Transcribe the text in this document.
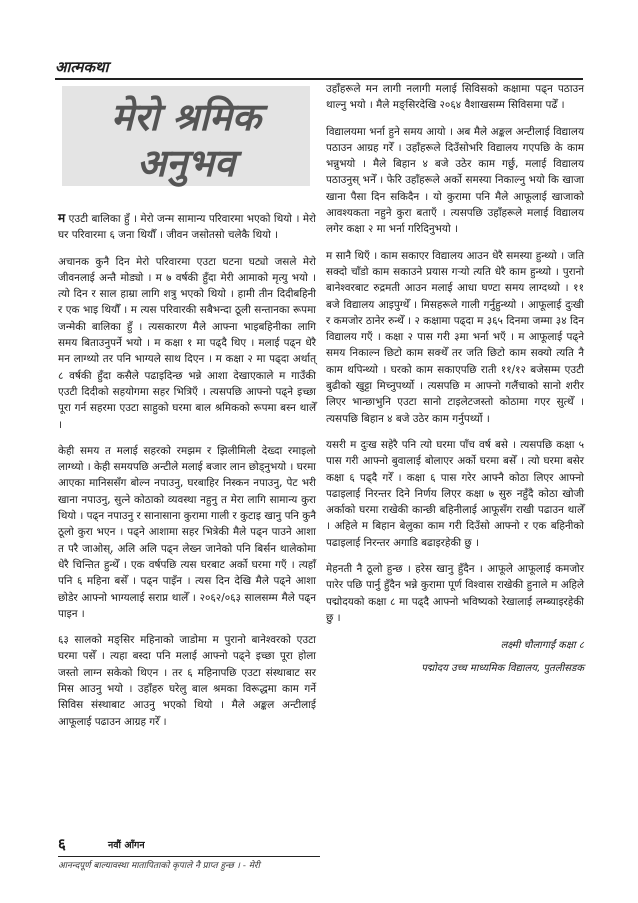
आत्मकथा
मेरो श्रमिक
अनुभव

म एउटी बालिका हुँ । मेरो जन्म सामान्य परिवारमा भएको थियो । मेरो घर परिवारमा ६ जना थियौँ । जीवन जसोतसो चलेकै थियो ।

अचानक कुनै दिन मेरो परिवारमा एउटा घटना घट्यो जसले मेरो जीवनलाई अन्तै मोड्यो । म ७ वर्षकी हुँदा मेरी आमाको मृत्यु भयो । त्यो दिन र साल हाम्रा लागि शत्रु भएको थियो । हामी तीन दिदीबहिनी र एक भाइ थियौँ । म त्यस परिवारकी सबैभन्दा ठूली सन्तानका रूपमा जन्मेकी बालिका हुँ । त्यसकारण मैले आफ्ना भाइबहिनीका लागि समय बिताउनुपर्ने भयो । म कक्षा १ मा पढ्दै थिए । मलाई पढ्न धेरै मन लाग्थ्यो तर पनि भाग्यले साथ दिएन । म कक्षा २ मा पढ्दा अर्थात् ८ वर्षकी हुँदा कसैले पढाइदिन्छ भन्ने आशा देखाएकाले म गाउँकी एउटी दिदीको सहयोगमा सहर भित्रिएँ । त्यसपछि आफ्नो पढ्ने इच्छा पूरा गर्न सहरमा एउटा साहुको घरमा बाल श्रमिकको रूपमा बस्न थालेँ ।

केही समय त मलाई सहरको रमझम र झिलीमिली देख्दा रमाइलो लाग्थ्यो । केही समयपछि अन्टीले मलाई बजार लान छोड्नुभयो । घरमा आएका मानिससँग बोल्न नपाउनु, घरबाहिर निस्कन नपाउनु, पेट भरी खाना नपाउनु, सुत्ने कोठाको व्यवस्था नहुनु त मेरा लागि सामान्य कुरा थियो । पढ्न नपाउनु र सानासाना कुरामा गाली र कुटाइ खानु पनि कुनै ठूलो कुरा भएन । पढ्ने आशामा सहर भित्रेकी मैले पढ्न पाउने आशा त परै जाओस्, अलि अलि पढ्न लेख्न जानेको पनि बिर्सन थालेकोमा धेरै चिन्तित हुन्थेँ । एक वर्षपछि त्यस घरबाट अर्को घरमा गएँ । त्यहाँ पनि ६ महिना बसेँ । पढ्न पाइँन । त्यस दिन देखि मैले पढ्ने आशा छोडेर आफ्नो भाग्यलाई सराप्न थालेँ । २०६२/०६३ सालसम्म मैले पढ्न पाइन ।

६३ सालको मङ्सिर महिनाको जाडोमा म पुरानो बानेश्वरको एउटा घरमा पसेँ । त्यहा बस्दा पनि मलाई आफ्नो पढ्ने इच्छा पूरा होला जस्तो लाग्न सकेको थिएन । तर ६ महिनापछि एउटा संस्थाबाट सर मिस आउनु भयो । उहाँहरु घरेलु बाल श्रमका विरूद्धमा काम गर्ने सिविस संस्थाबाट आउनु भएको थियो । मैले अङ्कल अन्टीलाई आफूलाई पढाउन आग्रह गरेँ ।

उहाँहरूले मन लागी नलागी मलाई सिविसको कक्षामा पढ्न पठाउन थाल्नु भयो । मैले मङ्सिरदेखि २०६४ वैशाखसम्म सिविसमा पढेँ ।

विद्यालयमा भर्ना हुने समय आयो । अब मैले अङ्कल अन्टीलाई विद्यालय पठाउन आग्रह गरेँ । उहाँहरूले दिउँसोभरि विद्यालय गएपछि के काम भन्नुभयो । मैले बिहान ४ बजे उठेर काम गर्छु, मलाई विद्यालय पठाउनुस् भनेँ । फेरि उहाँहरूले अर्को समस्या निकाल्नु भयो कि खाजा खाना पैसा दिन सकिदैन । यो कुरामा पनि मैले आफूलाई खाजाको आवश्यकता नहुने कुरा बताएँ । त्यसपछि उहाँहरूले मलाई विद्यालय लगेर कक्षा २ मा भर्ना गरिदिनुभयो ।

म सानै थिएँ । काम सकाएर विद्यालय आउन धेरै समस्या हुन्थ्यो । जति सक्दो चाँडो काम सकाउने प्रयास गऱ्यो त्यति धेरै काम हुन्थ्यो । पुरानो बानेश्वरबाट रुद्रमती आउन मलाई आधा घण्टा समय लाग्दथ्यो । ११ बजे विद्यालय आइपुग्थेँ । मिसहरूले गाली गर्नुहुन्थ्यो । आफूलाई दुःखी र कमजोर ठानेर रुन्थेँ । २ कक्षामा पढ्दा म ३६५ दिनमा जम्मा ३४ दिन विद्यालय गएँ । कक्षा २ पास गरी ३मा भर्ना भएँ । म आफूलाई पढ्ने समय निकाल्न छिटो काम सक्थेँ तर जति छिटो काम सक्यो त्यति नै काम थपिन्थ्यो । घरको काम सकाएपछि राती ११/१२ बजेसम्म एउटी बुढीको खुट्टा मिच्नुपर्थ्यो । त्यसपछि म आफ्नो गलैंचाको सानो शरीर लिएर भान्छाभुनि एउटा सानो टाइलेटजस्तो कोठामा गएर सुत्थेँ । त्यसपछि बिहान ४ बजे उठेर काम गर्नुपर्थ्यो ।

यसरी म दुःख सहेरै पनि त्यो घरमा पाँच वर्ष बसे । त्यसपछि कक्षा ५ पास गरी आफ्नो बुवालाई बोलाएर अर्को घरमा बसेँ । त्यो घरमा बसेर कक्षा ६ पढ्दै गरेँ । कक्षा ६ पास गरेर आफ्नै कोठा लिएर आफ्नो पढाइलाई निरन्तर दिने निर्णय लिएर कक्षा ७ सुरु नहुँदै कोठा खोजी अर्काको घरमा राखेकी कान्छी बहिनीलाई आफूसँग राखी पढाउन थालेँ । अहिले म बिहान बेलुका काम गरी दिउँसो आफ्नो र एक बहिनीको पढाइलाई निरन्तर अगाडि बढाइरहेकी छु ।

मेहनती नै ठूलो हुन्छ । हरेस खानु हुँदैन । आफूले आफूलाई कमजोर पारेर पछि पार्नु हुँदैन भन्ने कुरामा पूर्ण विश्वास राखेकी हुनाले म अहिले पद्मोदयको कक्षा ८ मा पढ्दै आफ्नो भविष्यको रेखालाई लम्ब्याइरहेकी छु ।

लक्ष्मी चौलागाईं कक्षा ८
पद्मोदय उच्च माध्यमिक विद्यालय, पुतलीसडक
६	नवौं आँगन
आनन्दपूर्ण बाल्यावस्था मातापिताको कृपाले नै प्राप्त हुन्छ । - मेरी
